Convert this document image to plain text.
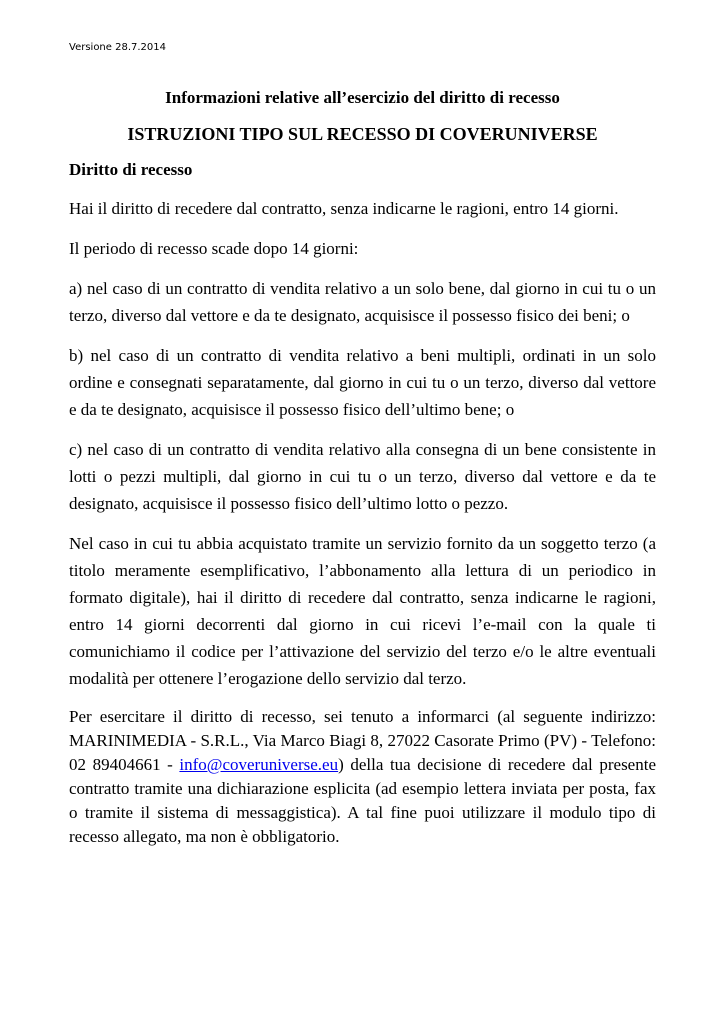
Versione 28.7.2014
Informazioni relative all’esercizio del diritto di recesso
ISTRUZIONI TIPO SUL RECESSO DI COVERUNIVERSE
Diritto di recesso

Hai il diritto di recedere dal contratto, senza indicarne le ragioni, entro 14 giorni.

Il periodo di recesso scade dopo 14 giorni:

a) nel caso di un contratto di vendita relativo a un solo bene, dal giorno in cui tu o un terzo, diverso dal vettore e da te designato, acquisisce il possesso fisico dei beni; o

b) nel caso di un contratto di vendita relativo a beni multipli, ordinati in un solo ordine e consegnati separatamente, dal giorno in cui tu o un terzo, diverso dal vettore e da te designato, acquisisce il possesso fisico dell’ultimo bene; o

c) nel caso di un contratto di vendita relativo alla consegna di un bene consistente in lotti o pezzi multipli, dal giorno in cui tu o un terzo, diverso dal vettore e da te designato, acquisisce il possesso fisico dell’ultimo lotto o pezzo.

Nel caso in cui tu abbia acquistato tramite un servizio fornito da un soggetto terzo (a titolo meramente esemplificativo, l’abbonamento alla lettura di un periodico in formato digitale), hai il diritto di recedere dal contratto, senza indicarne le ragioni, entro 14 giorni decorrenti dal giorno in cui ricevi l’e-mail con la quale ti comunichiamo il codice per l’attivazione del servizio del terzo e/o le altre eventuali modalità per ottenere l’erogazione dello servizio dal terzo.

Per esercitare il diritto di recesso, sei tenuto a informarci (al seguente indirizzo: MARINIMEDIA - S.R.L., Via Marco Biagi 8, 27022 Casorate Primo (PV) - Telefono: 02 89404661 - info@coveruniverse.eu) della tua decisione di recedere dal presente contratto tramite una dichiarazione esplicita (ad esempio lettera inviata per posta, fax o tramite il sistema di messaggistica). A tal fine puoi utilizzare il modulo tipo di recesso allegato, ma non è obbligatorio.
